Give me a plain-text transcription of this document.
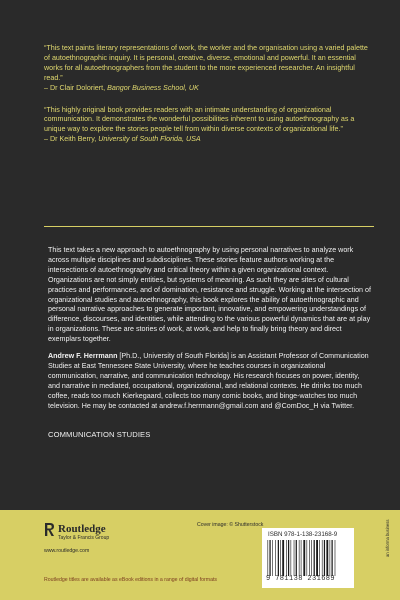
“This text paints literary representations of work, the worker and the organisation using a varied palette of autoethnographic inquiry. It is personal, creative, diverse, emotional and powerful. It an essential works for all autoethnographers from the student to the more experienced researcher. An insightful read.”
– Dr Clair Doloriert, Bangor Business School, UK

“This highly original book provides readers with an intimate understanding of organizational communication. It demonstrates the wonderful possibilities inherent to using autoethnography as a unique way to explore the stories people tell from within diverse contexts of organizational life.”
– Dr Keith Berry, University of South Florida, USA

This text takes a new approach to autoethnography by using personal narratives to analyze work across multiple disciplines and subdisciplines. These stories feature authors working at the intersections of autoethnography and critical theory within a given organizational context. Organizations are not simply entities, but systems of meaning. As such they are sites of cultural practices and performances, and of domination, resistance and struggle. Working at the intersection of organizational studies and autoethnography, this book explores the ability of autoethnographic and personal narrative approaches to generate important, innovative, and empowering understandings of difference, discourses, and identities, while attending to the various powerful dynamics that are at play in organizations. These are stories of work, at work, and help to finally bring theory and direct exemplars together.

Andrew F. Herrmann [Ph.D., University of South Florida] is an Assistant Professor of Communication Studies at East Tennessee State University, where he teaches courses in organizational communication, narrative, and communication technology. His research focuses on power, identity, and narrative in mediated, occupational, organizational, and relational contexts. He drinks too much coffee, reads too much Kierkegaard, collects too many comic books, and binge-watches too much television. He may be contacted at andrew.f.herrmann@gmail.com and @ComDoc_H via Twitter.

COMMUNICATION STUDIES

Routledge
Taylor & Francis Group
www.routledge.com
Routledge titles are available as eBook editions in a range of digital formats
Cover image: © Shutterstock
ISBN 978-1-138-23168-9
9 781138 231689
an informa business
